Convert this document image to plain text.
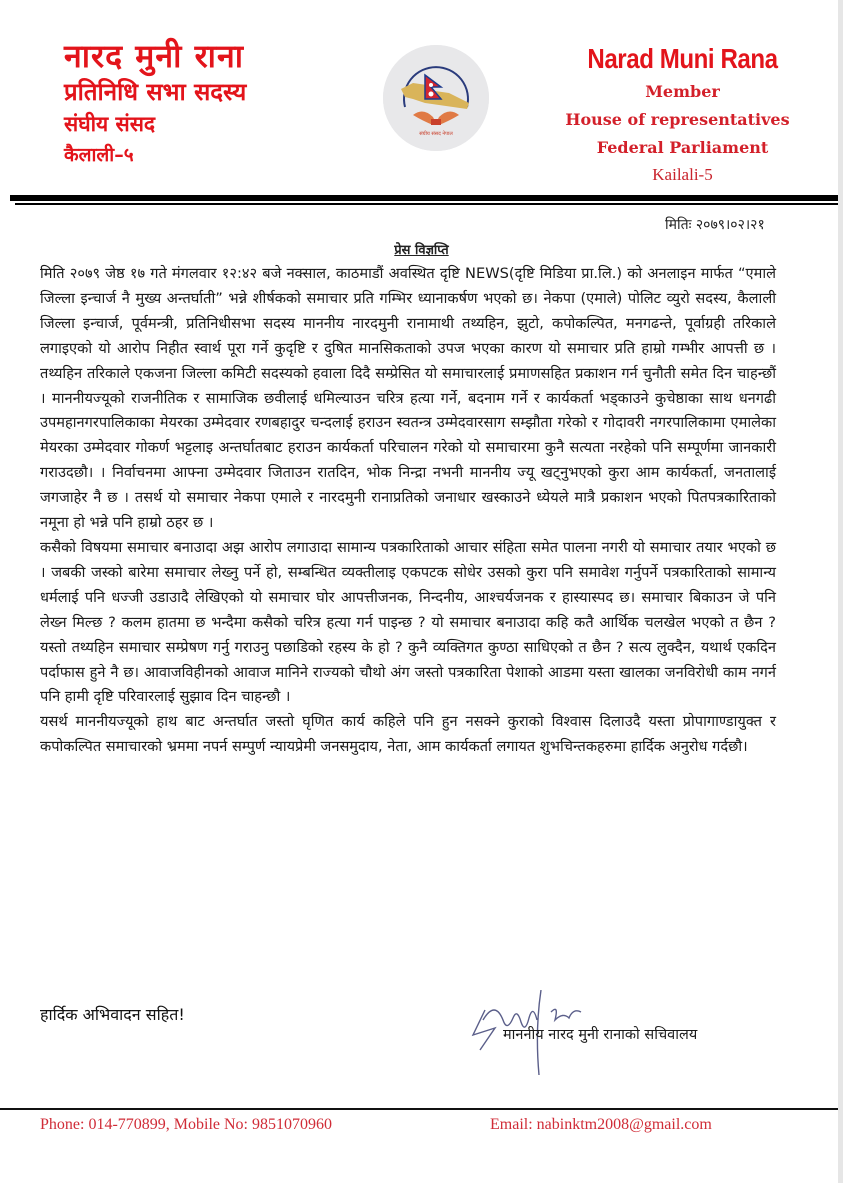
नारद मुनी राना
प्रतिनिधि सभा सदस्य
संघीय संसद
कैलाली–५
संघीय संसद नेपाल
Narad Muni Rana
Member
House of representatives
Federal Parliament
Kailali-5
मितिः २०७९।०२।२१
प्रेस विज्ञप्ति

मिति २०७९ जेष्ठ १७ गते मंगलवार १२:४२ बजे नक्साल, काठमाडौं अवस्थित दृष्टि NEWS(दृष्टि मिडिया प्रा.लि.) को अनलाइन मार्फत “एमाले जिल्ला इन्चार्ज नै मुख्य अन्तर्घाती” भन्ने शीर्षकको समाचार प्रति गम्भिर ध्यानाकर्षण भएको छ। नेकपा (एमाले) पोलिट व्युरो सदस्य, कैलाली जिल्ला इन्चार्ज, पूर्वमन्त्री, प्रतिनिधीसभा सदस्य माननीय नारदमुनी रानामाथी तथ्यहिन, झुटो, कपोकल्पित, मनगढन्ते, पूर्वाग्रही तरिकाले लगाइएको यो आरोप निहीत स्वार्थ पूरा गर्ने कुदृष्टि र दुषित मानसिकताको उपज भएका कारण यो समाचार प्रति हाम्रो गम्भीर आपत्ती छ । तथ्यहिन तरिकाले एकजना जिल्ला कमिटी सदस्यको हवाला दिदै सम्प्रेसित यो समाचारलाई प्रमाणसहित प्रकाशन गर्न चुनौती समेत दिन चाहन्छौं । माननीयज्यूको राजनीतिक र सामाजिक छवीलाई धमिल्याउन चरित्र हत्या गर्ने, बदनाम गर्ने र कार्यकर्ता भड्काउने कुचेष्ठाका साथ धनगढी उपमहानगरपालिकाका मेयरका उम्मेदवार रणबहादुर चन्दलाई हराउन स्वतन्त्र उम्मेदवारसाग सम्झौता गरेको र गोदावरी नगरपालिकामा एमालेका मेयरका उम्मेदवार गोकर्ण भट्टलाइ अन्तर्घातबाट हराउन कार्यकर्ता परिचालन गरेको यो समाचारमा कुनै सत्यता नरहेको पनि सम्पूर्णमा जानकारी गराउदछौ। । निर्वाचनमा आफ्ना उम्मेदवार जिताउन रातदिन, भोक निन्द्रा नभनी माननीय ज्यू खट्नुभएको कुरा आम कार्यकर्ता, जनतालाई जगजाहेर नै छ । तसर्थ यो समाचार नेकपा एमाले र नारदमुनी रानाप्रतिको जनाधार खस्काउने ध्येयले मात्रै प्रकाशन भएको पितपत्रकारिताको नमूना हो भन्ने पनि हाम्रो ठहर छ ।

कसैको विषयमा समाचार बनाउादा अझ आरोप लगाउादा सामान्य पत्रकारिताको आचार संहिता समेत पालना नगरी यो समाचार तयार भएको छ । जबकी जस्को बारेमा समाचार लेख्नु पर्ने हो, सम्बन्धित व्यक्तीलाइ एकपटक सोधेर उसको कुरा पनि समावेश गर्नुपर्ने पत्रकारिताको सामान्य धर्मलाई पनि धज्जी उडाउादै लेखिएको यो समाचार घोर आपत्तीजनक, निन्दनीय, आश्चर्यजनक र हास्यास्पद छ। समाचार बिकाउन जे पनि लेख्न मिल्छ ? कलम हातमा छ भन्दैमा कसैको चरित्र हत्या गर्न पाइन्छ ? यो समाचार बनाउादा कहि कतै आर्थिक चलखेल भएको त छैन ? यस्तो तथ्यहिन समाचार सम्प्रेषण गर्नु गराउनु पछाडिको रहस्य के हो ? कुनै व्यक्तिगत कुण्ठा साधिएको त छैन ? सत्य लुक्दैन, यथार्थ एकदिन पर्दाफास हुने नै छ। आवाजविहीनको आवाज मानिने राज्यको चौथो अंग जस्तो पत्रकारिता पेशाको आडमा यस्ता खालका जनविरोधी काम नगर्न पनि हामी दृष्टि परिवारलाई सुझाव दिन चाहन्छौ ।

यसर्थ माननीयज्यूको हाथ बाट अन्तर्घात जस्तो घृणित कार्य कहिले पनि हुन नसक्ने कुराको विश्वास दिलाउदै यस्ता प्रोपागाण्डायुक्त र कपोकल्पित समाचारको भ्रममा नपर्न सम्पुर्ण न्यायप्रेमी जनसमुदाय, नेता, आम कार्यकर्ता लगायत शुभचिन्तकहरुमा हार्दिक अनुरोध गर्दछौ।

हार्दिक अभिवादन सहित!
माननीय नारद मुनी रानाको सचिवालय
Phone: 014-770899, Mobile No: 9851070960	Email: nabinktm2008@gmail.com
